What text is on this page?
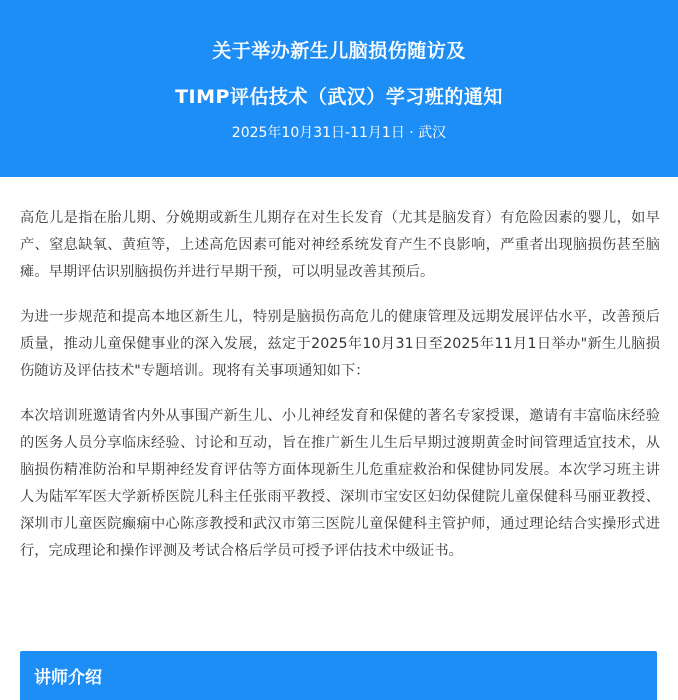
关于举办新生儿脑损伤随访及
TIMP评估技术（武汉）学习班的通知
2025年10月31日-11月1日 · 武汉

高危儿是指在胎儿期、分娩期或新生儿期存在对生长发育（尤其是脑发育）有危险因素的婴儿，如早产、窒息缺氧、黄疸等，上述高危因素可能对神经系统发育产生不良影响，严重者出现脑损伤甚至脑瘫。早期评估识别脑损伤并进行早期干预，可以明显改善其预后。

为进一步规范和提高本地区新生儿，特别是脑损伤高危儿的健康管理及远期发展评估水平，改善预后质量，推动儿童保健事业的深入发展，兹定于2025年10月31日至2025年11月1日举办"新生儿脑损伤随访及评估技术"专题培训。现将有关事项通知如下：

本次培训班邀请省内外从事围产新生儿、小儿神经发育和保健的著名专家授课，邀请有丰富临床经验的医务人员分享临床经验、讨论和互动，旨在推广新生儿生后早期过渡期黄金时间管理适宜技术，从脑损伤精准防治和早期神经发育评估等方面体现新生儿危重症救治和保健协同发展。本次学习班主讲人为陆军军医大学新桥医院儿科主任张雨平教授、深圳市宝安区妇幼保健院儿童保健科马丽亚教授、深圳市儿童医院癫痫中心陈彦教授和武汉市第三医院儿童保健科主管护师，通过理论结合实操形式进行，完成理论和操作评测及考试合格后学员可授予评估技术中级证书。

讲师介绍
